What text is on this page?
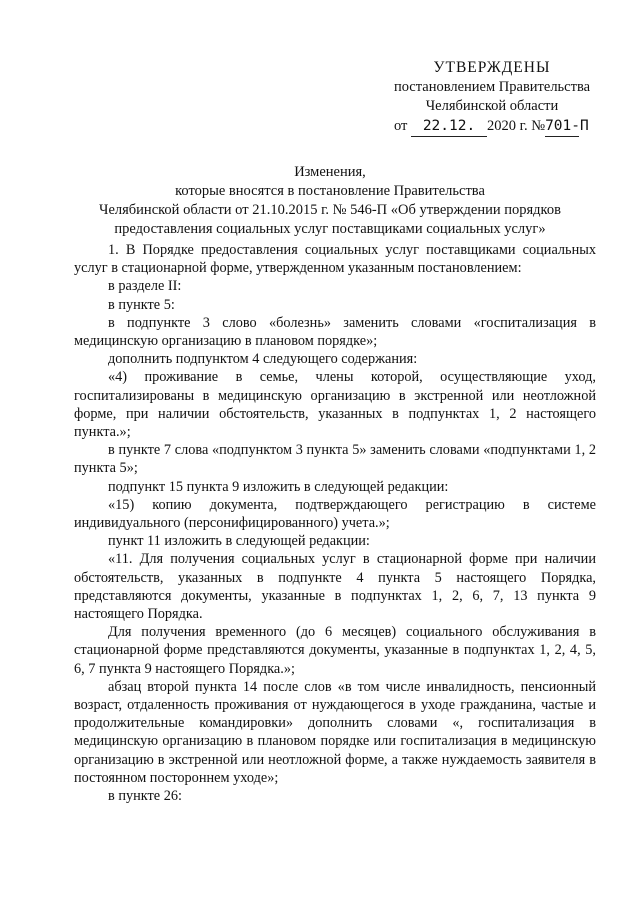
УТВЕРЖДЕНЫ
постановлением Правительства
Челябинской области
от 22.12. 2020 г. №701-П
Изменения,
которые вносятся в постановление Правительства
Челябинской области от 21.10.2015 г. № 546-П «Об утверждении порядков
предоставления социальных услуг поставщиками социальных услуг»

1. В Порядке предоставления социальных услуг поставщиками социальных услуг в стационарной форме, утвержденном указанным постановлением:

в разделе II:

в пункте 5:

в подпункте 3 слово «болезнь» заменить словами «госпитализация в медицинскую организацию в плановом порядке»;

дополнить подпунктом 4 следующего содержания:

«4) проживание в семье, члены которой, осуществляющие уход, госпитализированы в медицинскую организацию в экстренной или неотложной форме, при наличии обстоятельств, указанных в подпунктах 1, 2 настоящего пункта.»;

в пункте 7 слова «подпунктом 3 пункта 5» заменить словами «подпунктами 1, 2 пункта 5»;

подпункт 15 пункта 9 изложить в следующей редакции:

«15) копию документа, подтверждающего регистрацию в системе индивидуального (персонифицированного) учета.»;

пункт 11 изложить в следующей редакции:

«11. Для получения социальных услуг в стационарной форме при наличии обстоятельств, указанных в подпункте 4 пункта 5 настоящего Порядка, представляются документы, указанные в подпунктах 1, 2, 6, 7, 13 пункта 9 настоящего Порядка.

Для получения временного (до 6 месяцев) социального обслуживания в стационарной форме представляются документы, указанные в подпунктах 1, 2, 4, 5, 6, 7 пункта 9 настоящего Порядка.»;

абзац второй пункта 14 после слов «в том числе инвалидность, пенсионный возраст, отдаленность проживания от нуждающегося в уходе гражданина, частые и продолжительные командировки» дополнить словами «, госпитализация в медицинскую организацию в плановом порядке или госпитализация в медицинскую организацию в экстренной или неотложной форме, а также нуждаемость заявителя в постоянном постороннем уходе»;

в пункте 26:
